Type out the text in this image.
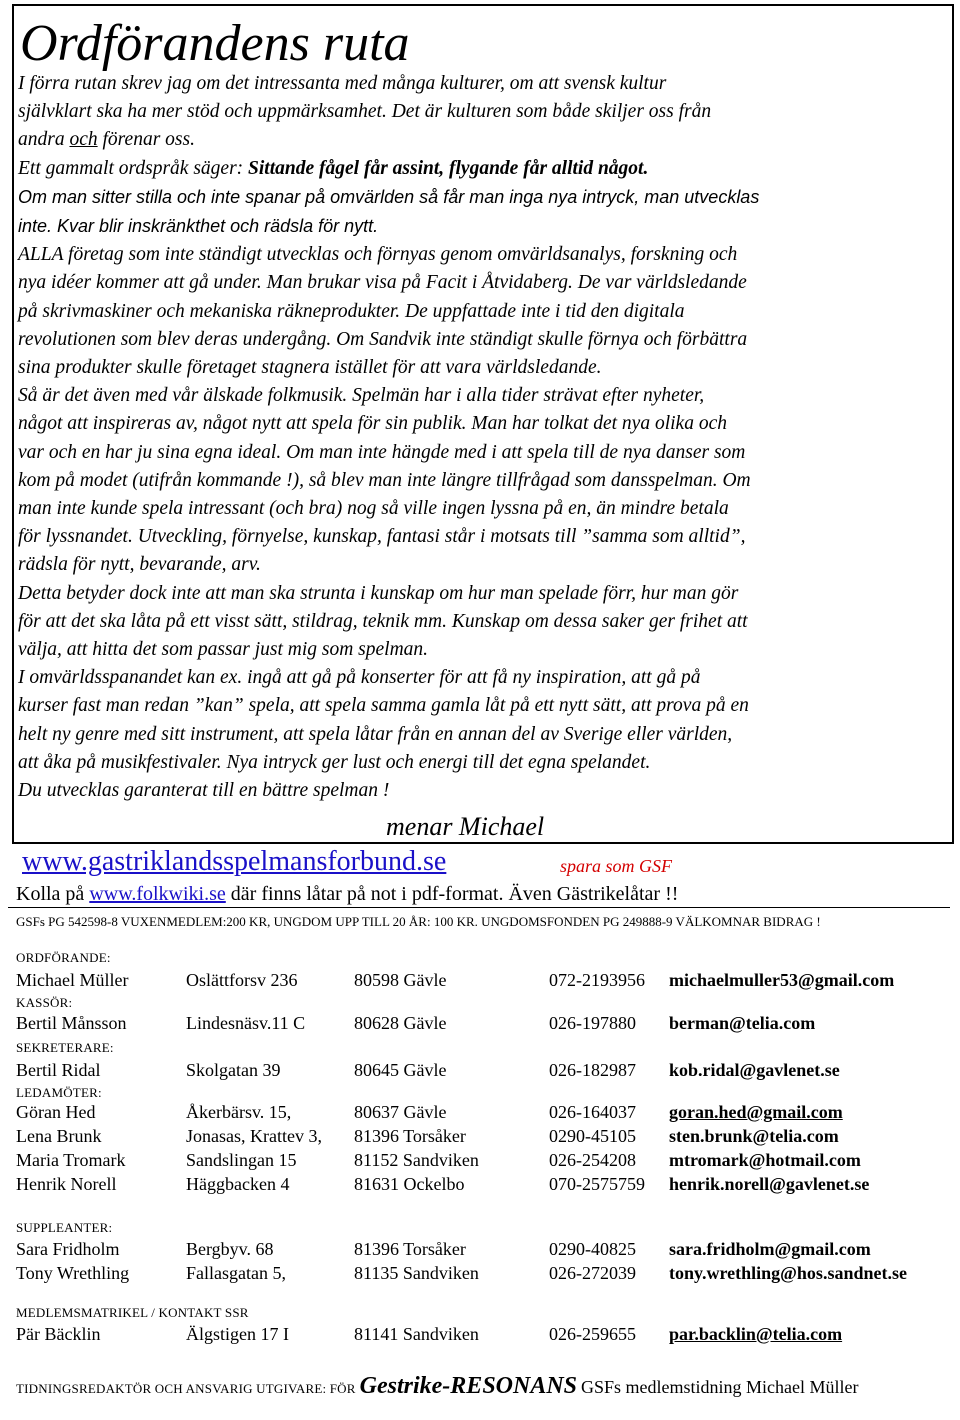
Ordförandens ruta
I förra rutan skrev jag om det intressanta med många kulturer, om att svensk kultur
självklart ska ha mer stöd och uppmärksamhet. Det är kulturen som både skiljer oss från
andra och förenar oss.
Ett gammalt ordspråk säger: Sittande fågel får assint, flygande får alltid något.
Om man sitter stilla och inte spanar på omvärlden så får man inga nya intryck, man utvecklas
inte. Kvar blir inskränkthet och rädsla för nytt.
ALLA företag som inte ständigt utvecklas och förnyas genom omvärldsanalys, forskning och
nya idéer kommer att gå under. Man brukar visa på Facit i Åtvidaberg. De var världsledande
på skrivmaskiner och mekaniska räkneprodukter. De uppfattade inte i tid den digitala
revolutionen som blev deras undergång. Om Sandvik inte ständigt skulle förnya och förbättra
sina produkter skulle företaget stagnera istället för att vara världsledande.
Så är det även med vår älskade folkmusik. Spelmän har i alla tider strävat efter nyheter,
något att inspireras av, något nytt att spela för sin publik. Man har tolkat det nya olika och
var och en har ju sina egna ideal. Om man inte hängde med i att spela till de nya danser som
kom på modet (utifrån kommande !), så blev man inte längre tillfrågad som dansspelman. Om
man inte kunde spela intressant (och bra) nog så ville ingen lyssna på en, än mindre betala
för lyssnandet. Utveckling, förnyelse, kunskap, fantasi står i motsats till ”samma som alltid”,
rädsla för nytt, bevarande, arv.
Detta betyder dock inte att man ska strunta i kunskap om hur man spelade förr, hur man gör
för att det ska låta på ett visst sätt, stildrag, teknik mm. Kunskap om dessa saker ger frihet att
välja, att hitta det som passar just mig som spelman.
I omvärldsspanandet kan ex. ingå att gå på konserter för att få ny inspiration, att gå på
kurser fast man redan ”kan” spela, att spela samma gamla låt på ett nytt sätt, att prova på en
helt ny genre med sitt instrument, att spela låtar från en annan del av Sverige eller världen,
att åka på musikfestivaler. Nya intryck ger lust och energi till det egna spelandet.
Du utvecklas garanterat till en bättre spelman !
menar Michael
www.gastriklandsspelmansforbund.se	spara som GSF
Kolla på www.folkwiki.se där finns låtar på not i pdf-format. Även Gästrikelåtar !!
GSFs PG 542598-8 VUXENMEDLEM:200 KR, UNGDOM UPP TILL 20 ÅR: 100 KR. UNGDOMSFONDEN PG 249888-9 VÄLKOMNAR BIDRAG !
ORDFÖRANDE:
Michael Müller	Oslättforsv 236	80598 Gävle	072-2193956 michaelmuller53@gmail.com
KASSÖR:
Bertil Månsson	Lindesnäsv.11 C	80628 Gävle	026-197880 berman@telia.com
SEKRETERARE:
Bertil Ridal	Skolgatan 39	80645 Gävle	026-182987 kob.ridal@gavlenet.se
LEDAMÖTER:
Göran Hed	Åkerbärsv. 15,	80637 Gävle	026-164037 goran.hed@gmail.com
Lena Brunk	Jonasas, Krattev 3, 81396 Torsåker	0290-45105 sten.brunk@telia.com
Maria Tromark	Sandslingan 15	81152 Sandviken	026-254208 mtromark@hotmail.com
Henrik Norell	Häggbacken 4	81631 Ockelbo	070-2575759 henrik.norell@gavlenet.se
SUPPLEANTER:
Sara Fridholm	Bergbyv. 68	81396 Torsåker	0290-40825 sara.fridholm@gmail.com
Tony Wrethling	Fallasgatan 5,	81135 Sandviken	026-272039 tony.wrethling@hos.sandnet.se
MEDLEMSMATRIKEL / KONTAKT SSR
Pär Bäcklin	Älgstigen 17 I	81141 Sandviken	026-259655 par.backlin@telia.com
TIDNINGSREDAKTÖR OCH ANSVARIG UTGIVARE: FÖR Gestrike-RESONANS GSFs medlemstidning Michael Müller
